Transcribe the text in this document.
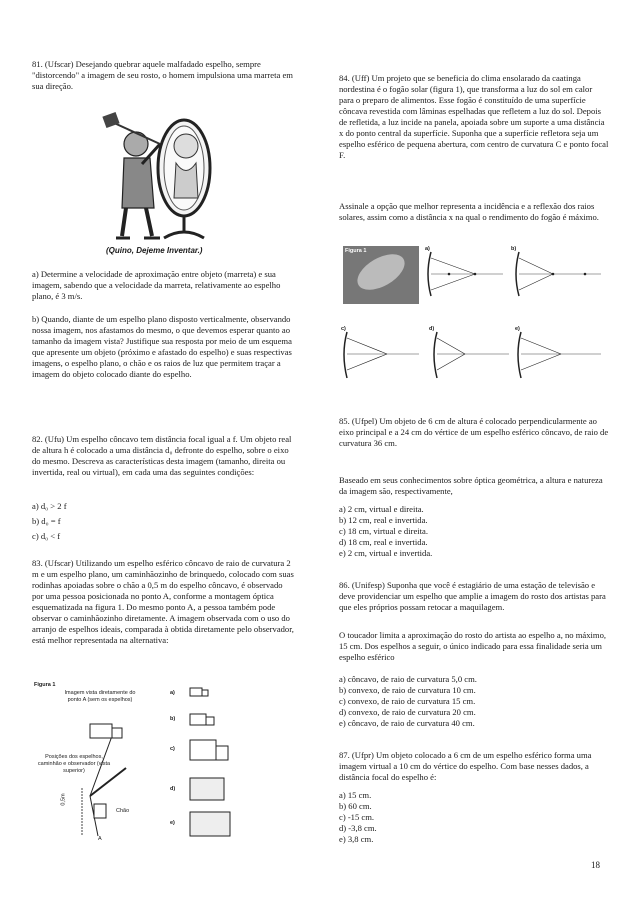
81. (Ufscar) Desejando quebrar aquele malfadado espelho, sempre "distorcendo" a imagem de seu rosto, o homem impulsiona uma marreta em sua direção.

(Quino, Dejeme Inventar.)

a) Determine a velocidade de aproximação entre objeto (marreta) e sua imagem, sabendo que a velocidade da marreta, relativamente ao espelho plano, é 3 m/s.

b) Quando, diante de um espelho plano disposto verticalmente, observando nossa imagem, nos afastamos do mesmo, o que devemos esperar quanto ao tamanho da imagem vista? Justifique sua resposta por meio de um esquema que apresente um objeto (próximo e afastado do espelho) e suas respectivas imagens, o espelho plano, o chão e os raios de luz que permitem traçar a imagem do objeto colocado diante do espelho.

82. (Ufu) Um espelho côncavo tem distância focal igual a f. Um objeto real de altura h é colocado a uma distância d₀ defronte do espelho, sobre o eixo do mesmo. Descreva as características desta imagem (tamanho, direita ou invertida, real ou virtual), em cada uma das seguintes condições:

a) d₀ > 2 f

b) d₀ = f

c) d₀ < f

83. (Ufscar) Utilizando um espelho esférico côncavo de raio de curvatura 2 m e um espelho plano, um caminhãozinho de brinquedo, colocado com suas rodinhas apoiadas sobre o chão a 0,5 m do espelho côncavo, é observado por uma pessoa posicionada no ponto A, conforme a montagem óptica esquematizada na figura 1. Do mesmo ponto A, a pessoa também pode observar o caminhãozinho diretamente. A imagem observada com o uso do arranjo de espelhos ideais, comparada à obtida diretamente pelo observador, está melhor representada na alternativa:

Figura 1
Imagem vista diretamente do ponto A (sem os espelhos)
Posições dos espelhos, caminhão e observador (vista superior)
Chão
0,5m
A
a)
b)
c)
d)
e)

84. (Uff) Um projeto que se beneficia do clima ensolarado da caatinga nordestina é o fogão solar (figura 1), que transforma a luz do sol em calor para o preparo de alimentos. Esse fogão é constituído de uma superfície côncava revestida com lâminas espelhadas que refletem a luz do sol. Depois de refletida, a luz incide na panela, apoiada sobre um suporte a uma distância x do ponto central da superfície. Suponha que a superfície refletora seja um espelho esférico de pequena abertura, com centro de curvatura C e ponto focal F.

Assinale a opção que melhor representa a incidência e a reflexão dos raios solares, assim como a distância x na qual o rendimento do fogão é máximo.

Figura 1	a)	b)
c)	d)	e)

85. (Ufpel) Um objeto de 6 cm de altura é colocado perpendicularmente ao eixo principal e a 24 cm do vértice de um espelho esférico côncavo, de raio de curvatura 36 cm.

Baseado em seus conhecimentos sobre óptica geométrica, a altura e natureza da imagem são, respectivamente,

a) 2 cm, virtual e direita.

b) 12 cm, real e invertida.

c) 18 cm, virtual e direita.

d) 18 cm, real e invertida.

e) 2 cm, virtual e invertida.

86. (Unifesp) Suponha que você é estagiário de uma estação de televisão e deve providenciar um espelho que amplie a imagem do rosto dos artistas para que eles próprios possam retocar a maquilagem.

O toucador limita a aproximação do rosto do artista ao espelho a, no máximo, 15 cm. Dos espelhos a seguir, o único indicado para essa finalidade seria um espelho esférico

a) côncavo, de raio de curvatura 5,0 cm.

b) convexo, de raio de curvatura 10 cm.

c) convexo, de raio de curvatura 15 cm.

d) convexo, de raio de curvatura 20 cm.

e) côncavo, de raio de curvatura 40 cm.

87. (Ufpr) Um objeto colocado a 6 cm de um espelho esférico forma uma imagem virtual a 10 cm do vértice do espelho. Com base nesses dados, a distância focal do espelho é:

a) 15 cm.

b) 60 cm.

c) -15 cm.

d) -3,8 cm.

e) 3,8 cm.

18
